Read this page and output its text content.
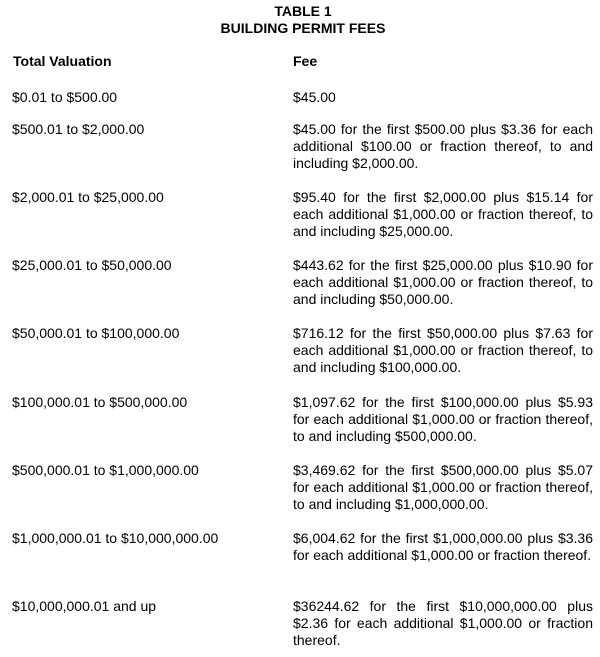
TABLE 1
BUILDING PERMIT FEES
Total Valuation	Fee
$0.01 to $500.00	$45.00
$500.01 to $2,000.00	$45.00 for the first $500.00 plus $3.36 for each additional $100.00 or fraction thereof, to and including $2,000.00.
$2,000.01 to $25,000.00	$95.40 for the first $2,000.00 plus $15.14 for each additional $1,000.00 or fraction thereof, to and including $25,000.00.
$25,000.01 to $50,000.00	$443.62 for the first $25,000.00 plus $10.90 for each additional $1,000.00 or fraction thereof, to and including $50,000.00.
$50,000.01 to $100,000.00	$716.12 for the first $50,000.00 plus $7.63 for each additional $1,000.00 or fraction thereof, to and including $100,000.00.
$100,000.01 to $500,000.00	$1,097.62 for the first $100,000.00 plus $5.93 for each additional $1,000.00 or fraction thereof, to and including $500,000.00.
$500,000.01 to $1,000,000.00	$3,469.62 for the first $500,000.00 plus $5.07 for each additional $1,000.00 or fraction thereof, to and including $1,000,000.00.
$1,000,000.01 to $10,000,000.00	$6,004.62 for the first $1,000,000.00 plus $3.36 for each additional $1,000.00 or fraction thereof.
$10,000,000.01 and up	$36244.62 for the first $10,000,000.00 plus $2.36 for each additional $1,000.00 or fraction thereof.
